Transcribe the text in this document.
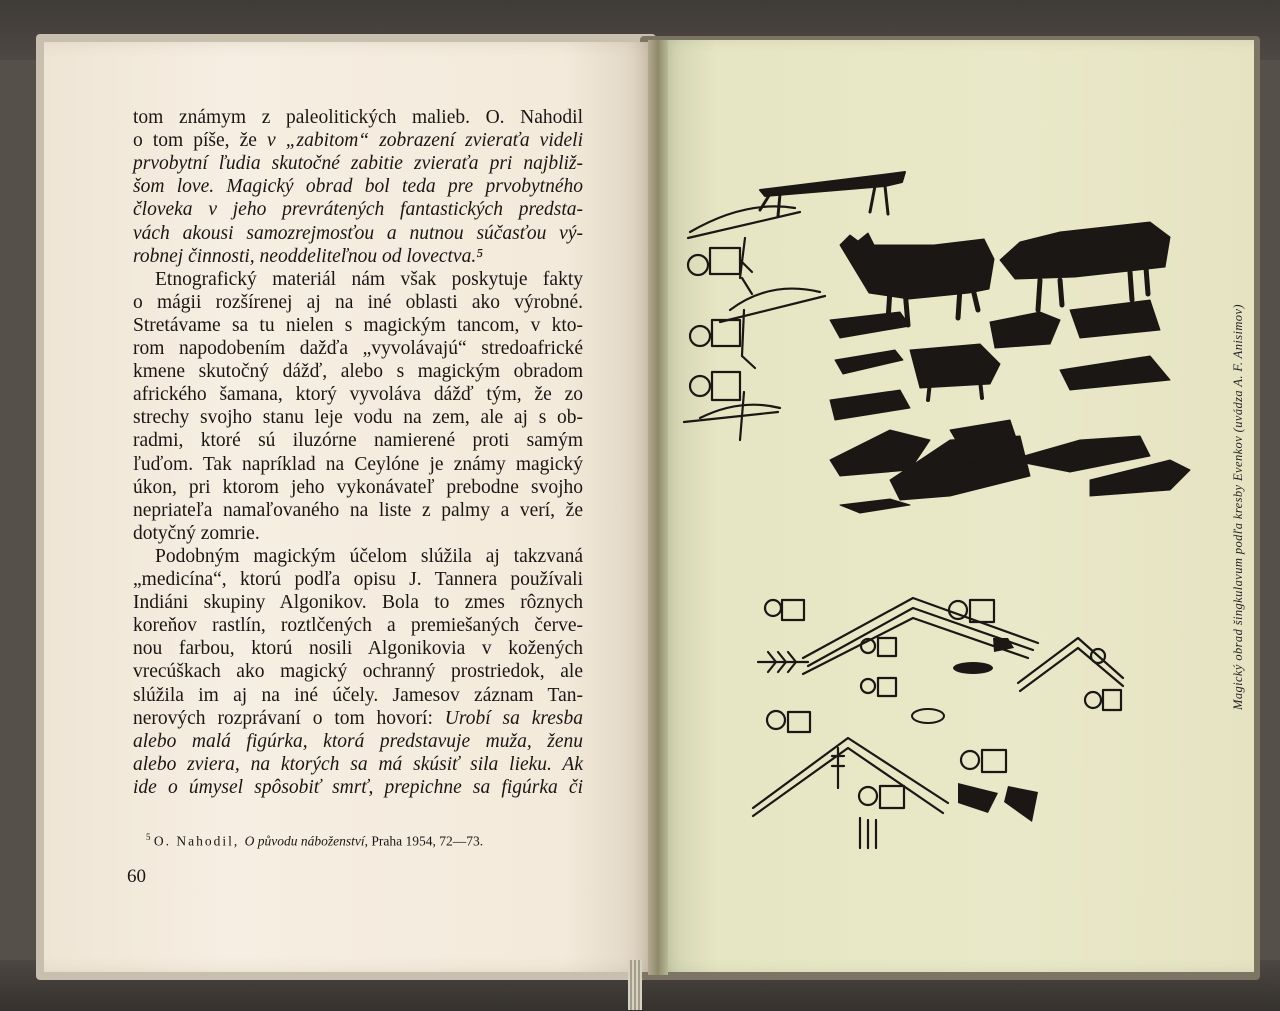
tom známym z paleolitických malieb. O. Nahodil
o tom píše, že v „zabitom“ zobrazení zvieraťa videli
prvobytní ľudia skutočné zabitie zvieraťa pri najbliž-
šom love. Magický obrad bol teda pre prvobytného
človeka v jeho prevrátených fantastických predsta-
vách akousi samozrejmosťou a nutnou súčasťou vý-
robnej činnosti, neoddeliteľnou od lovectva.⁵
Etnografický materiál nám však poskytuje fakty
o mágii rozšírenej aj na iné oblasti ako výrobné.
Stretávame sa tu nielen s magickým tancom, v kto-
rom napodobením dažďa „vyvolávajú“ stredoafrické
kmene skutočný dážď, alebo s magickým obradom
afrického šamana, ktorý vyvoláva dážď tým, že zo
strechy svojho stanu leje vodu na zem, ale aj s ob-
radmi, ktoré sú iluzórne namierené proti samým
ľuďom. Tak napríklad na Ceylóne je známy magický
úkon, pri ktorom jeho vykonávateľ prebodne svojho
nepriateľa namaľovaného na liste z palmy a verí, že
dotyčný zomrie.
Podobným magickým účelom slúžila aj takzvaná
„medicína“, ktorú podľa opisu J. Tannera používali
Indiáni skupiny Algonikov. Bola to zmes rôznych
koreňov rastlín, roztlčených a premiešaných červe-
nou farbou, ktorú nosili Algonikovia v kožených
vrecúškach ako magický ochranný prostriedok, ale
slúžila im aj na iné účely. Jamesov záznam Tan-
nerových rozprávaní o tom hovorí: Urobí sa kresba
alebo malá figúrka, ktorá predstavuje muža, ženu
alebo zviera, na ktorých sa má skúsiť sila lieku. Ak
ide o úmysel spôsobiť smrť, prepichne sa figúrka či
$^5$ O. Nahodil, O původu náboženství, Praha 1954, 72—73.
60
Magický obrad šingkulavum podľa kresby Evenkov (uvádza A. F. Anisimov)
